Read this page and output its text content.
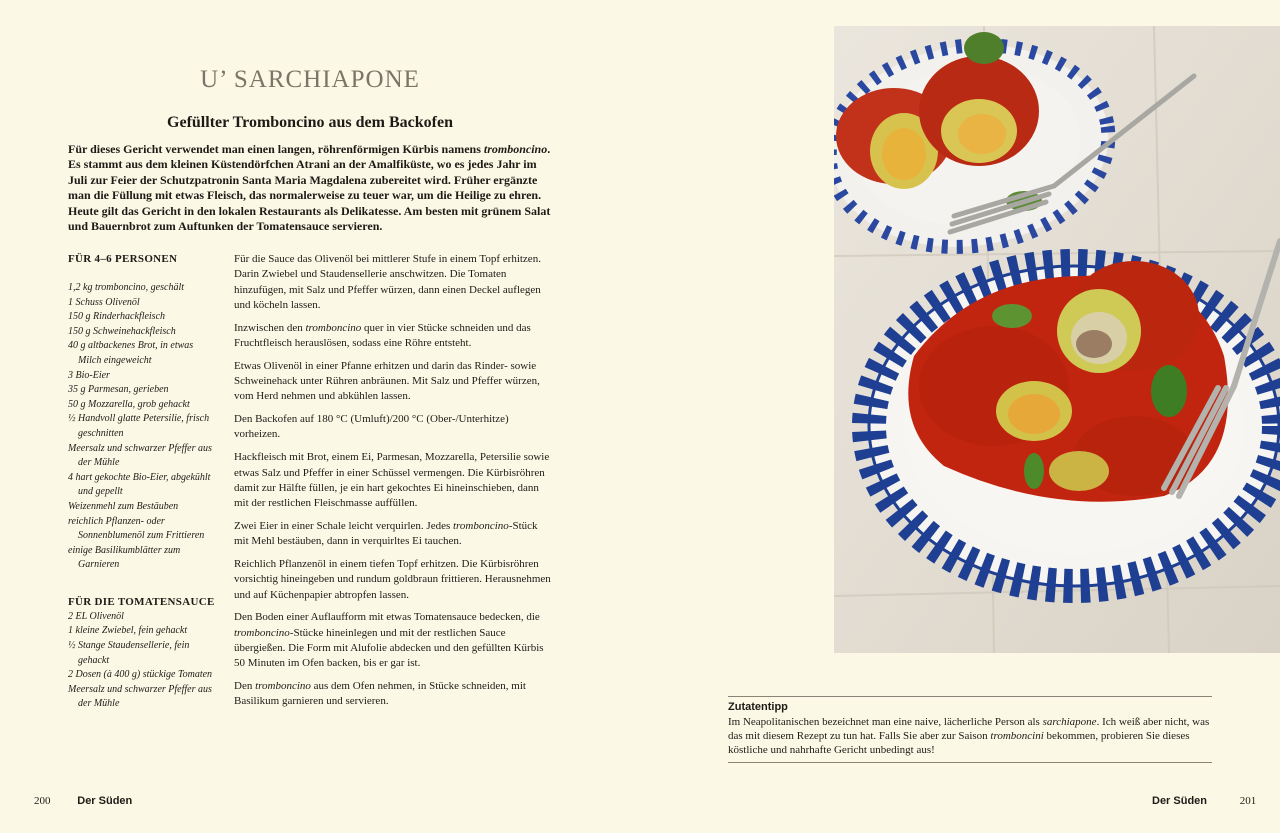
U’ SARCHIAPONE
Gefüllter Tromboncino aus dem Backofen
Für dieses Gericht verwendet man einen langen, röhrenförmigen Kürbis namens trombonc​ino. Es stammt aus dem kleinen Küstendörfchen Atrani an der Amalfiküste, wo es jedes Jahr im Juli zur Feier der Schutzpatronin Santa Maria Magdalena zubereitet wird. Früher ergänzte man die Füllung mit etwas Fleisch, das normalerweise zu teuer war, um die Heilige zu ehren. Heute gilt das Gericht in den lokalen Restaurants als Delikatesse. Am besten mit grünem Salat und Bauernbrot zum Auftunken der Tomatensauce servieren.
FÜR 4–6 PERSONEN
1,2 kg tromboncino, geschält
1 Schuss Olivenöl
150 g Rinderhackfleisch
150 g Schweinehackfleisch
40 g altbackenes Brot, in etwas Milch eingeweicht
3 Bio-Eier
35 g Parmesan, gerieben
50 g Mozzarella, grob gehackt
½ Handvoll glatte Petersilie, frisch geschnitten
Meersalz und schwarzer Pfeffer aus der Mühle
4 hart gekochte Bio-Eier, abgekühlt und gepellt
Weizenmehl zum Bestäuben
reichlich Pflanzen- oder Sonnenblumenöl zum Frittieren
einige Basilikumblätter zum Garnieren
FÜR DIE TOMATENSAUCE
2 EL Olivenöl
1 kleine Zwiebel, fein gehackt
½ Stange Staudensellerie, fein gehackt
2 Dosen (à 400 g) stückige Tomaten
Meersalz und schwarzer Pfeffer aus der Mühle

Für die Sauce das Olivenöl bei mittlerer Stufe in einem Topf erhitzen. Darin Zwiebel und Staudensellerie anschwitzen. Die Tomaten hinzufügen, mit Salz und Pfeffer würzen, dann einen Deckel auflegen und köcheln lassen.

Inzwischen den tromboncino quer in vier Stücke schneiden und das Fruchtfleisch herauslösen, sodass eine Röhre entsteht.

Etwas Olivenöl in einer Pfanne erhitzen und darin das Rinder- sowie Schweinehack unter Rühren anbräunen. Mit Salz und Pfeffer würzen, vom Herd nehmen und abkühlen lassen.

Den Backofen auf 180 °C (Umluft)/200 °C (Ober-/Unterhitze) vorheizen.

Hackfleisch mit Brot, einem Ei, Parmesan, Mozzarella, Petersilie sowie etwas Salz und Pfeffer in einer Schüssel vermengen. Die Kürbisröhren damit zur Hälfte füllen, je ein hart gekochtes Ei hineinschieben, dann mit der restlichen Fleischmasse auffüllen.

Zwei Eier in einer Schale leicht verquirlen. Jedes tromboncino-Stück mit Mehl bestäuben, dann in verquirltes Ei tauchen.

Reichlich Pflanzenöl in einem tiefen Topf erhitzen. Die Kürbisröhren vorsichtig hineingeben und rundum goldbraun frittieren. Herausnehmen und auf Küchenpapier abtropfen lassen.

Den Boden einer Auflaufform mit etwas Tomatensauce bedecken, die tromboncino-Stücke hineinlegen und mit der restlichen Sauce übergießen. Die Form mit Alufolie abdecken und den gefüllten Kürbis 50 Minuten im Ofen backen, bis er gar ist.

Den tromboncino aus dem Ofen nehmen, in Stücke schneiden, mit Basilikum garnieren und servieren.

200 Der Süden
Zutatentipp
Im Neapolitanischen bezeichnet man eine naive, lächerliche Person als sarchiapone. Ich weiß aber nicht, was das mit diesem Rezept zu tun hat. Falls Sie aber zur Saison tromboncini bekommen, probieren Sie dieses köstliche und nahrhafte Gericht unbedingt aus!
Der Süden	201
